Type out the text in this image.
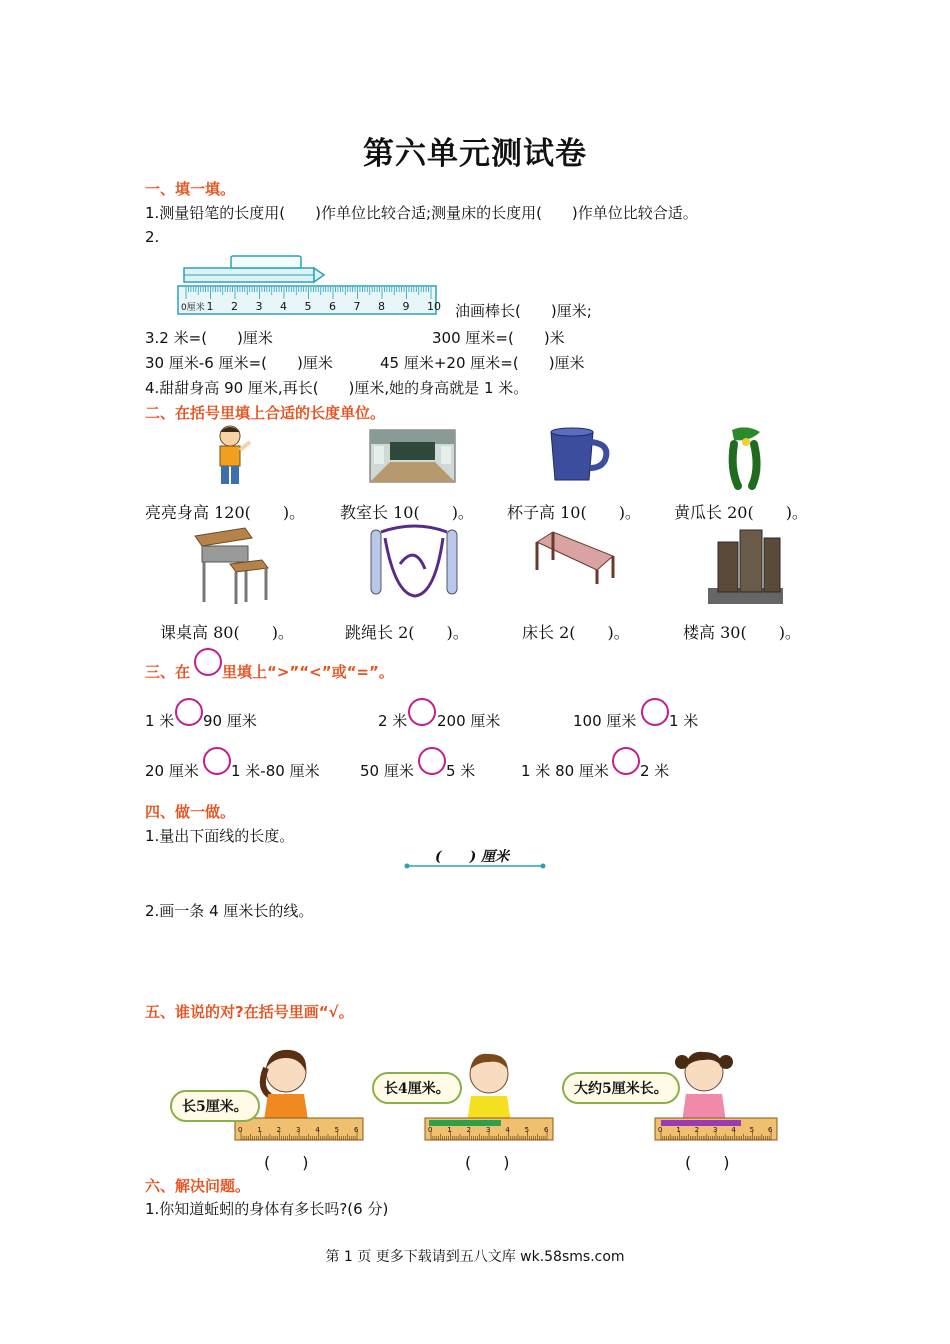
第六单元测试卷
一、填一填。
1.测量铅笔的长度用(　　)作单位比较合适;测量床的长度用(　　)作单位比较合适。
2.
0厘米 1 2 3 4 5 6 7 8 9 10 油画棒长(　　)厘米;
3.2 米=(　　)厘米	300 厘米=(　　)米
30 厘米-6 厘米=(　　)厘米	45 厘米+20 厘米=(　　)厘米
4.甜甜身高 90 厘米,再长(　　)厘米,她的身高就是 1 米。
二、在括号里填上合适的长度单位。
亮亮身高 120(　　)。 教室长 10(　　)。 杯子高 10(　　)。 黄瓜长 20(　　)。
课桌高 80(　　)。	跳绳长 2(　　)。	床长 2(　　)。	楼高 30(　　)。
三、在 里填上“>”“<”或“=”。
1 米 90 厘米	2 米 200 厘米	100 厘米 1 米
20 厘米 1 米-80 厘米	50 厘米 5 米	1 米 80 厘米 2 米
四、做一做。
1.量出下面线的长度。
(　　) 厘米
2.画一条 4 厘米长的线。
五、谁说的对?在括号里画“√。
0 1 2 3 4 5 6	0 1 2 3 4 5 6	0 1 2 3 4 5 6
长5厘米。
长4厘米。	大约5厘米长。
(　　)	(　　)	(　　)
六、解决问题。
1.你知道蚯蚓的身体有多长吗?(6 分)
第 1 页 更多下载请到五八文库 wk.58sms.com
